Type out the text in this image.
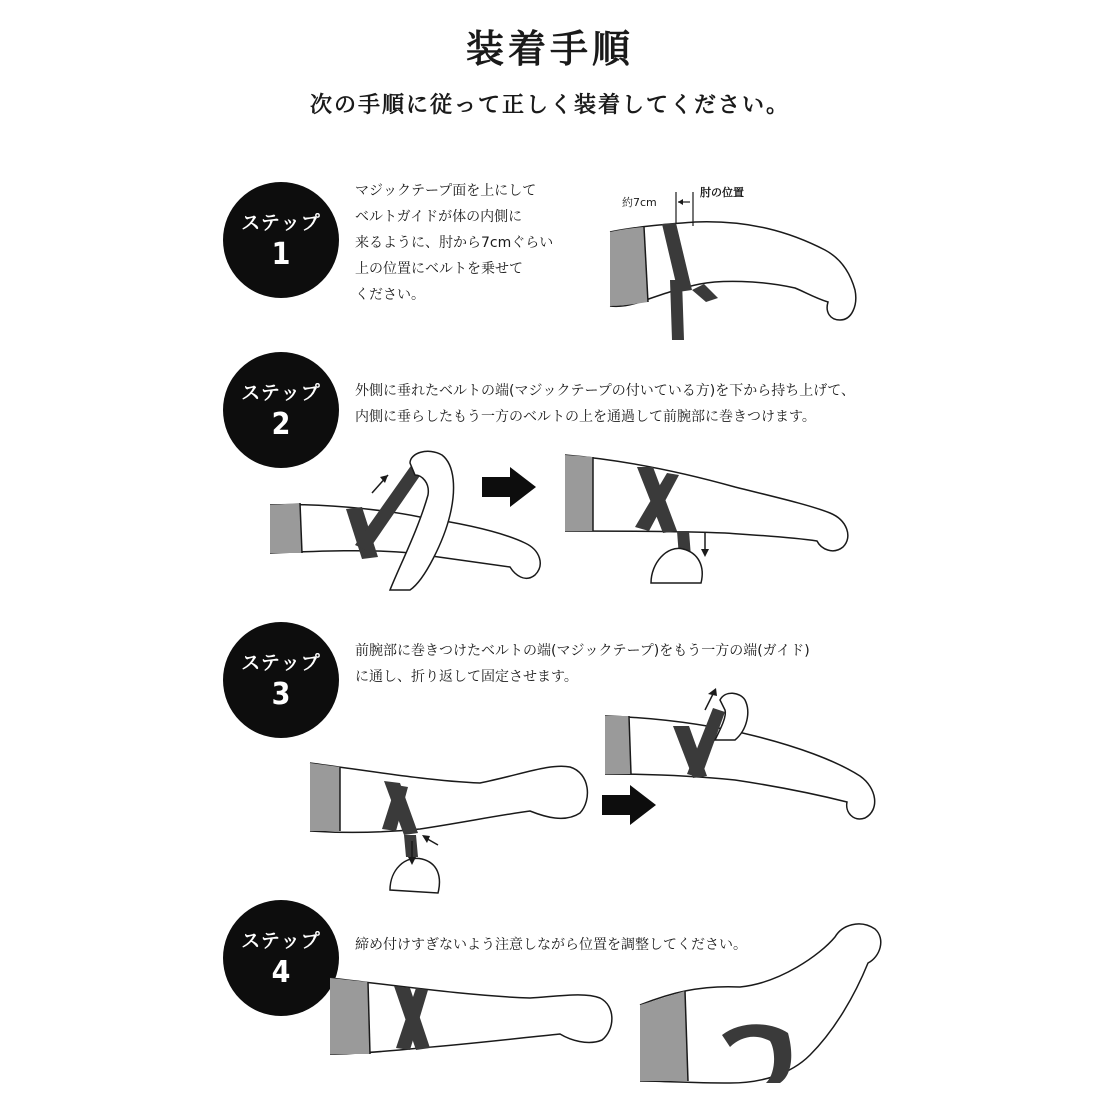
装着手順
次の手順に従って正しく装着してください。
ステップ
1
マジックテープ面を上にして
ベルトガイドが体の内側に
来るように、肘から7cmぐらい
上の位置にベルトを乗せて
ください。
約7cm
肘の位置
ステップ
2
外側に垂れたベルトの端(マジックテープの付いている方)を下から持ち上げて、
内側に垂らしたもう一方のベルトの上を通過して前腕部に巻きつけます。
ステップ
3
前腕部に巻きつけたベルトの端(マジックテープ)をもう一方の端(ガイド)
に通し、折り返して固定させます。
ステップ
4
締め付けすぎないよう注意しながら位置を調整してください。
